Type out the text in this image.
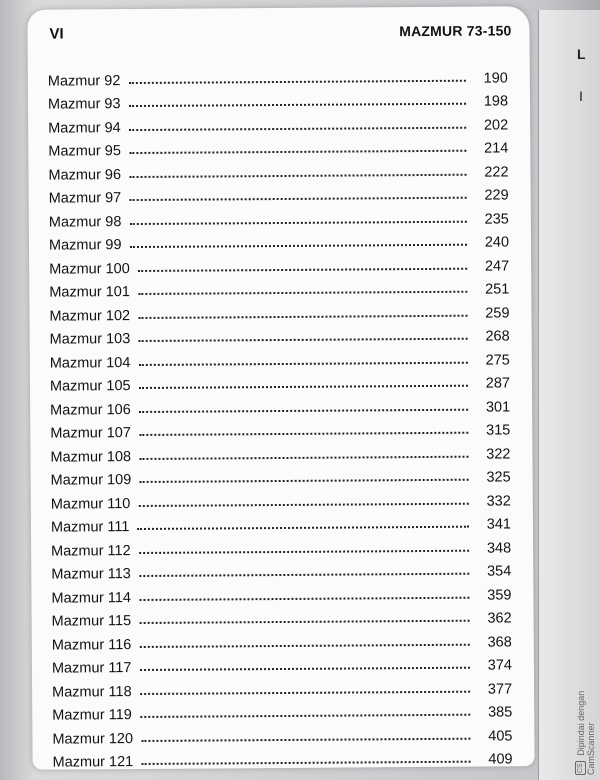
L
I
VI	MAZMUR 73-150
Mazmur 92	190
Mazmur 93	198
Mazmur 94	202
Mazmur 95	214
Mazmur 96	222
Mazmur 97	229
Mazmur 98	235
Mazmur 99	240
Mazmur 100	247
Mazmur 101	251
Mazmur 102	259
Mazmur 103	268
Mazmur 104	275
Mazmur 105	287
Mazmur 106	301
Mazmur 107	315
Mazmur 108	322
Mazmur 109	325
Mazmur 110	332
Mazmur 111	341
Mazmur 112	348
Mazmur 113	354
Mazmur 114	359
Mazmur 115	362
Mazmur 116	368
Mazmur 117	374
Mazmur 118	377
Mazmur 119	385
Mazmur 120	405
Mazmur 121	409
CS Dipindai dengan CamScanner
